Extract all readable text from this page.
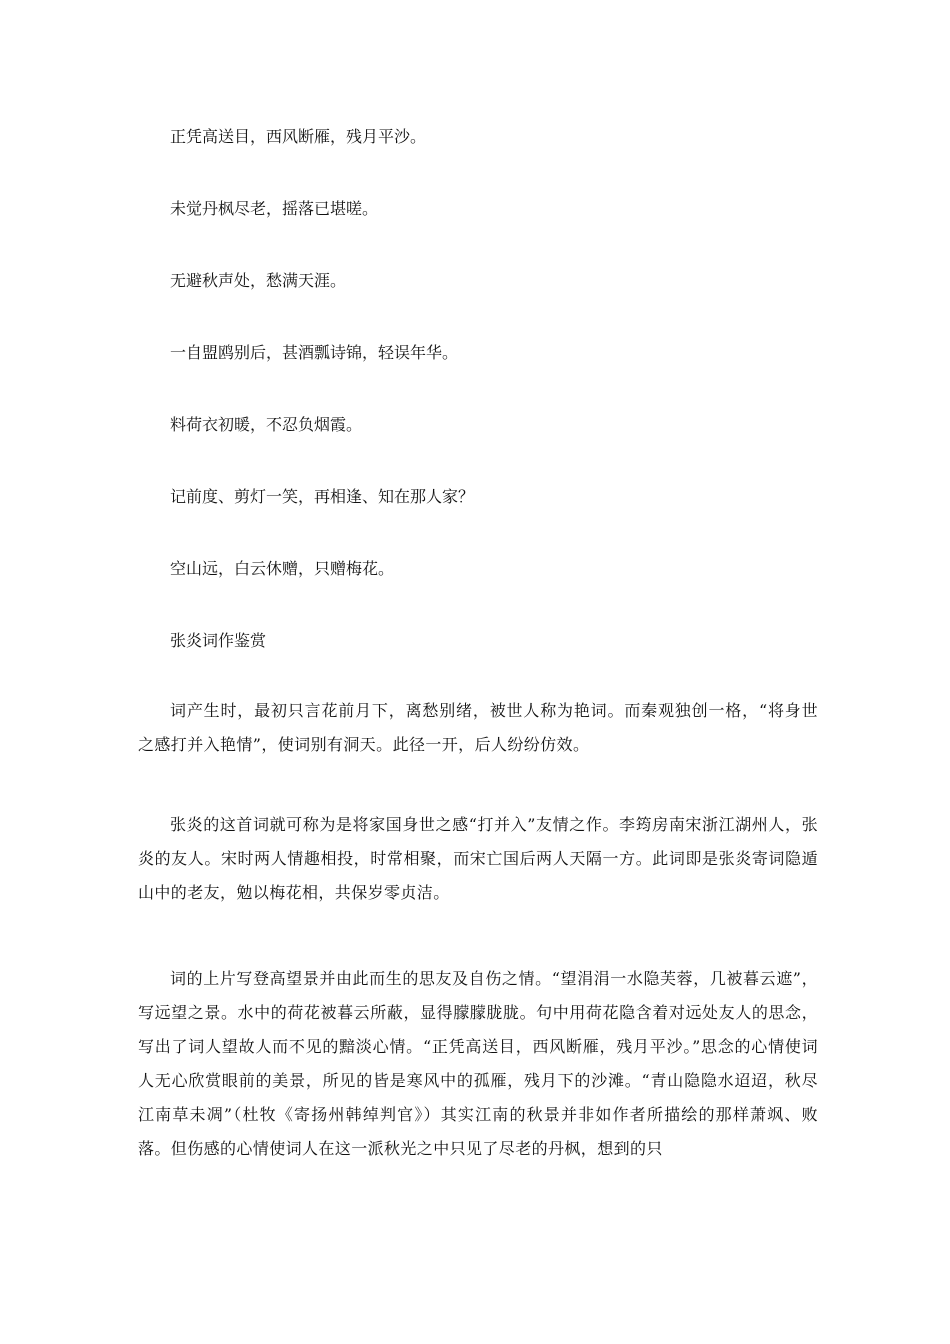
正凭高送目，西风断雁，残月平沙。
未觉丹枫尽老，摇落已堪嗟。
无避秋声处，愁满天涯。
一自盟鸥别后，甚酒瓢诗锦，轻误年华。
料荷衣初暖，不忍负烟霞。
记前度、剪灯一笑，再相逢、知在那人家？
空山远，白云休赠，只赠梅花。
张炎词作鉴赏
词产生时，最初只言花前月下，离愁别绪，被世人称为艳词。而秦观独创一格，“将身世之感打并入艳情”，使词别有洞天。此径一开，后人纷纷仿效。
张炎的这首词就可称为是将家国身世之感“打并入”友情之作。李筠房南宋浙江湖州人，张炎的友人。宋时两人情趣相投，时常相聚，而宋亡国后两人天隔一方。此词即是张炎寄词隐遁山中的老友，勉以梅花相，共保岁零贞洁。
词的上片写登高望景并由此而生的思友及自伤之情。“望涓涓一水隐芙蓉，几被暮云遮”，写远望之景。水中的荷花被暮云所蔽，显得朦朦胧胧。句中用荷花隐含着对远处友人的思念，写出了词人望故人而不见的黯淡心情。“正凭高送目，西风断雁，残月平沙。”思念的心情使词人无心欣赏眼前的美景，所见的皆是寒风中的孤雁，残月下的沙滩。“青山隐隐水迢迢，秋尽江南草未凋”（杜牧《寄扬州韩绰判官》）其实江南的秋景并非如作者所描绘的那样萧飒、败落。但伤感的心情使词人在这一派秋光之中只见了尽老的丹枫，想到的只
